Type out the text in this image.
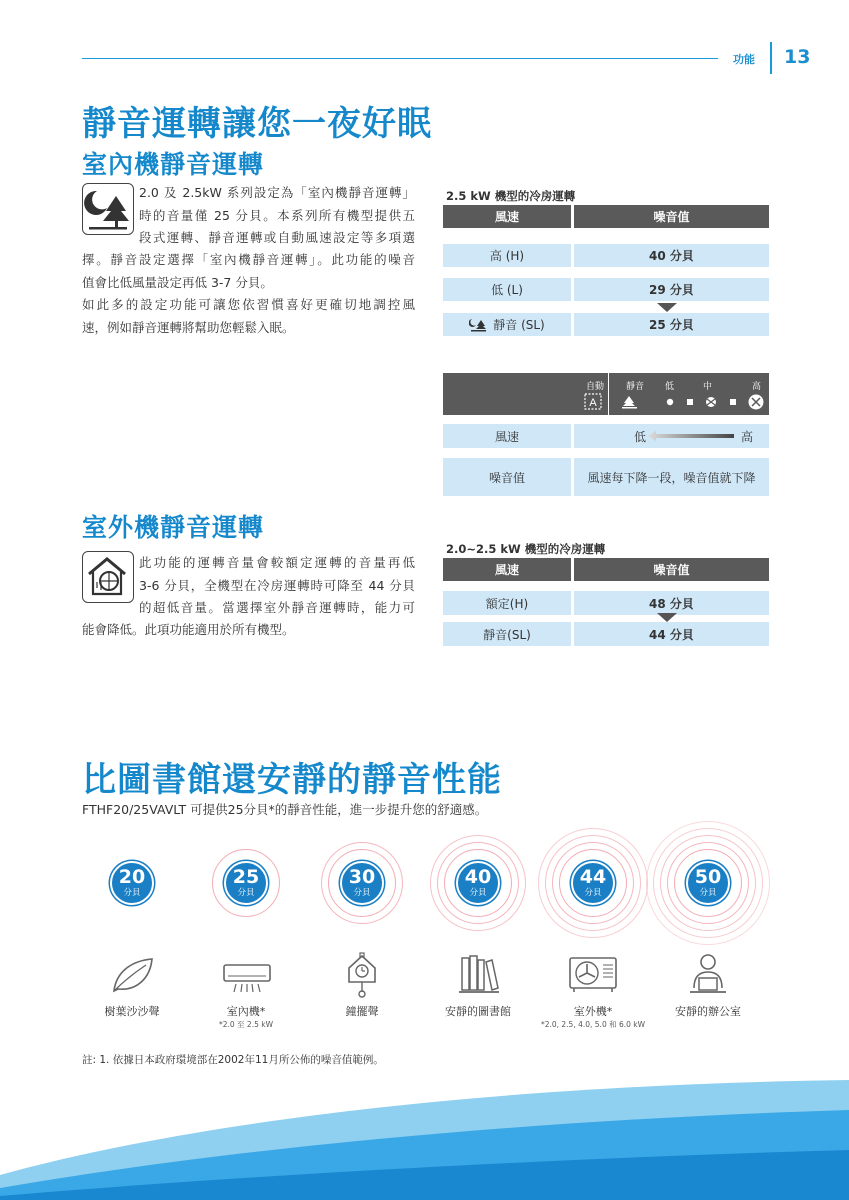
功能 13
靜音運轉讓您一夜好眠
室內機靜音運轉
2.0 及 2.5kW 系列設定為「室內機靜音運轉」
時的音量僅 25 分貝。本系列所有機型提供五
段式運轉、靜音運轉或自動風速設定等多項選
擇。靜音設定選擇「室內機靜音運轉」。此功能的噪音
值會比低風量設定再低 3-7 分貝。
如此多的設定功能可讓您依習慣喜好更確切地調控風
速，例如靜音運轉將幫助您輕鬆入眠。
2.5 kW 機型的冷房運轉
風速	噪音值
高 (H)	40 分貝
低 (L)	29 分貝
靜音 (SL)	25 分貝
自動 靜音 低	中	高
A
風速	低	高
噪音值	風速每下降一段，噪音值就下降
室外機靜音運轉
此功能的運轉音量會較額定運轉的音量再低
3-6 分貝，全機型在冷房運轉時可降至 44 分貝
的超低音量。當選擇室外靜音運轉時，能力可
能會降低。此項功能適用於所有機型。
2.0~2.5 kW 機型的冷房運轉
風速	噪音值
額定(H)	48 分貝
靜音(SL)	44 分貝
比圖書館還安靜的靜音性能
FTHF20/25VAVLT 可提供25分貝*的靜音性能，進一步提升您的舒適感。
20
分貝
25
分貝
30
分貝
40
分貝
44
分貝
50
分貝
樹葉沙沙聲	室內機*
*2.0 至 2.5 kW
鐘擺聲	安靜的圖書館	室外機*
*2.0, 2.5, 4.0, 5.0 和 6.0 kW
安靜的辦公室
註: 1. 依據日本政府環境部在2002年11月所公佈的噪音值範例。
